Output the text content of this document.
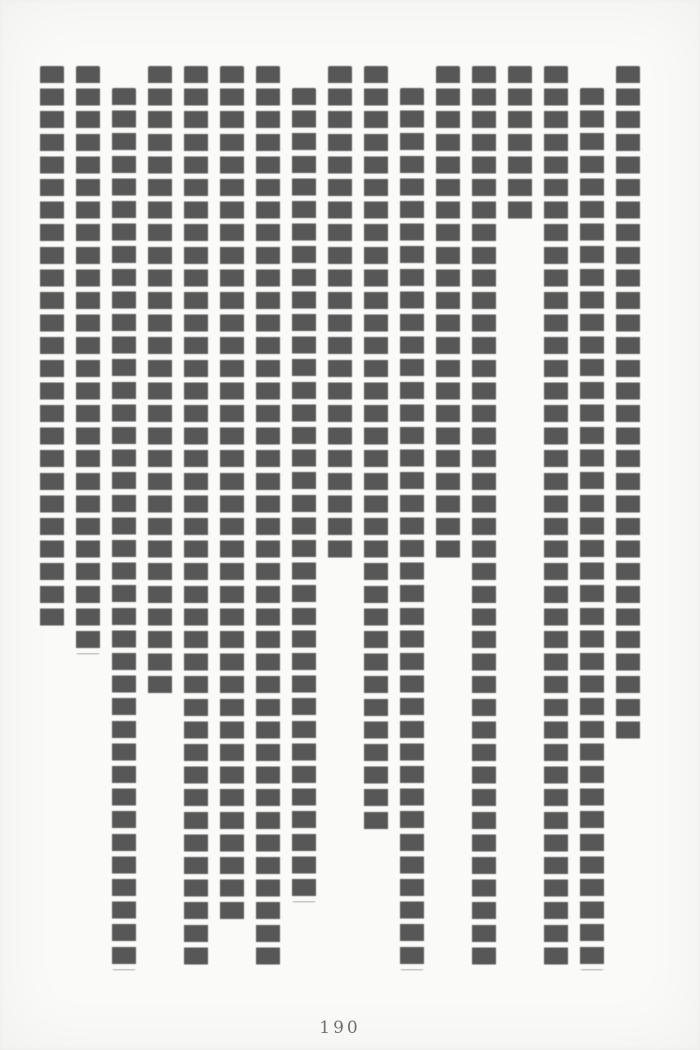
190
